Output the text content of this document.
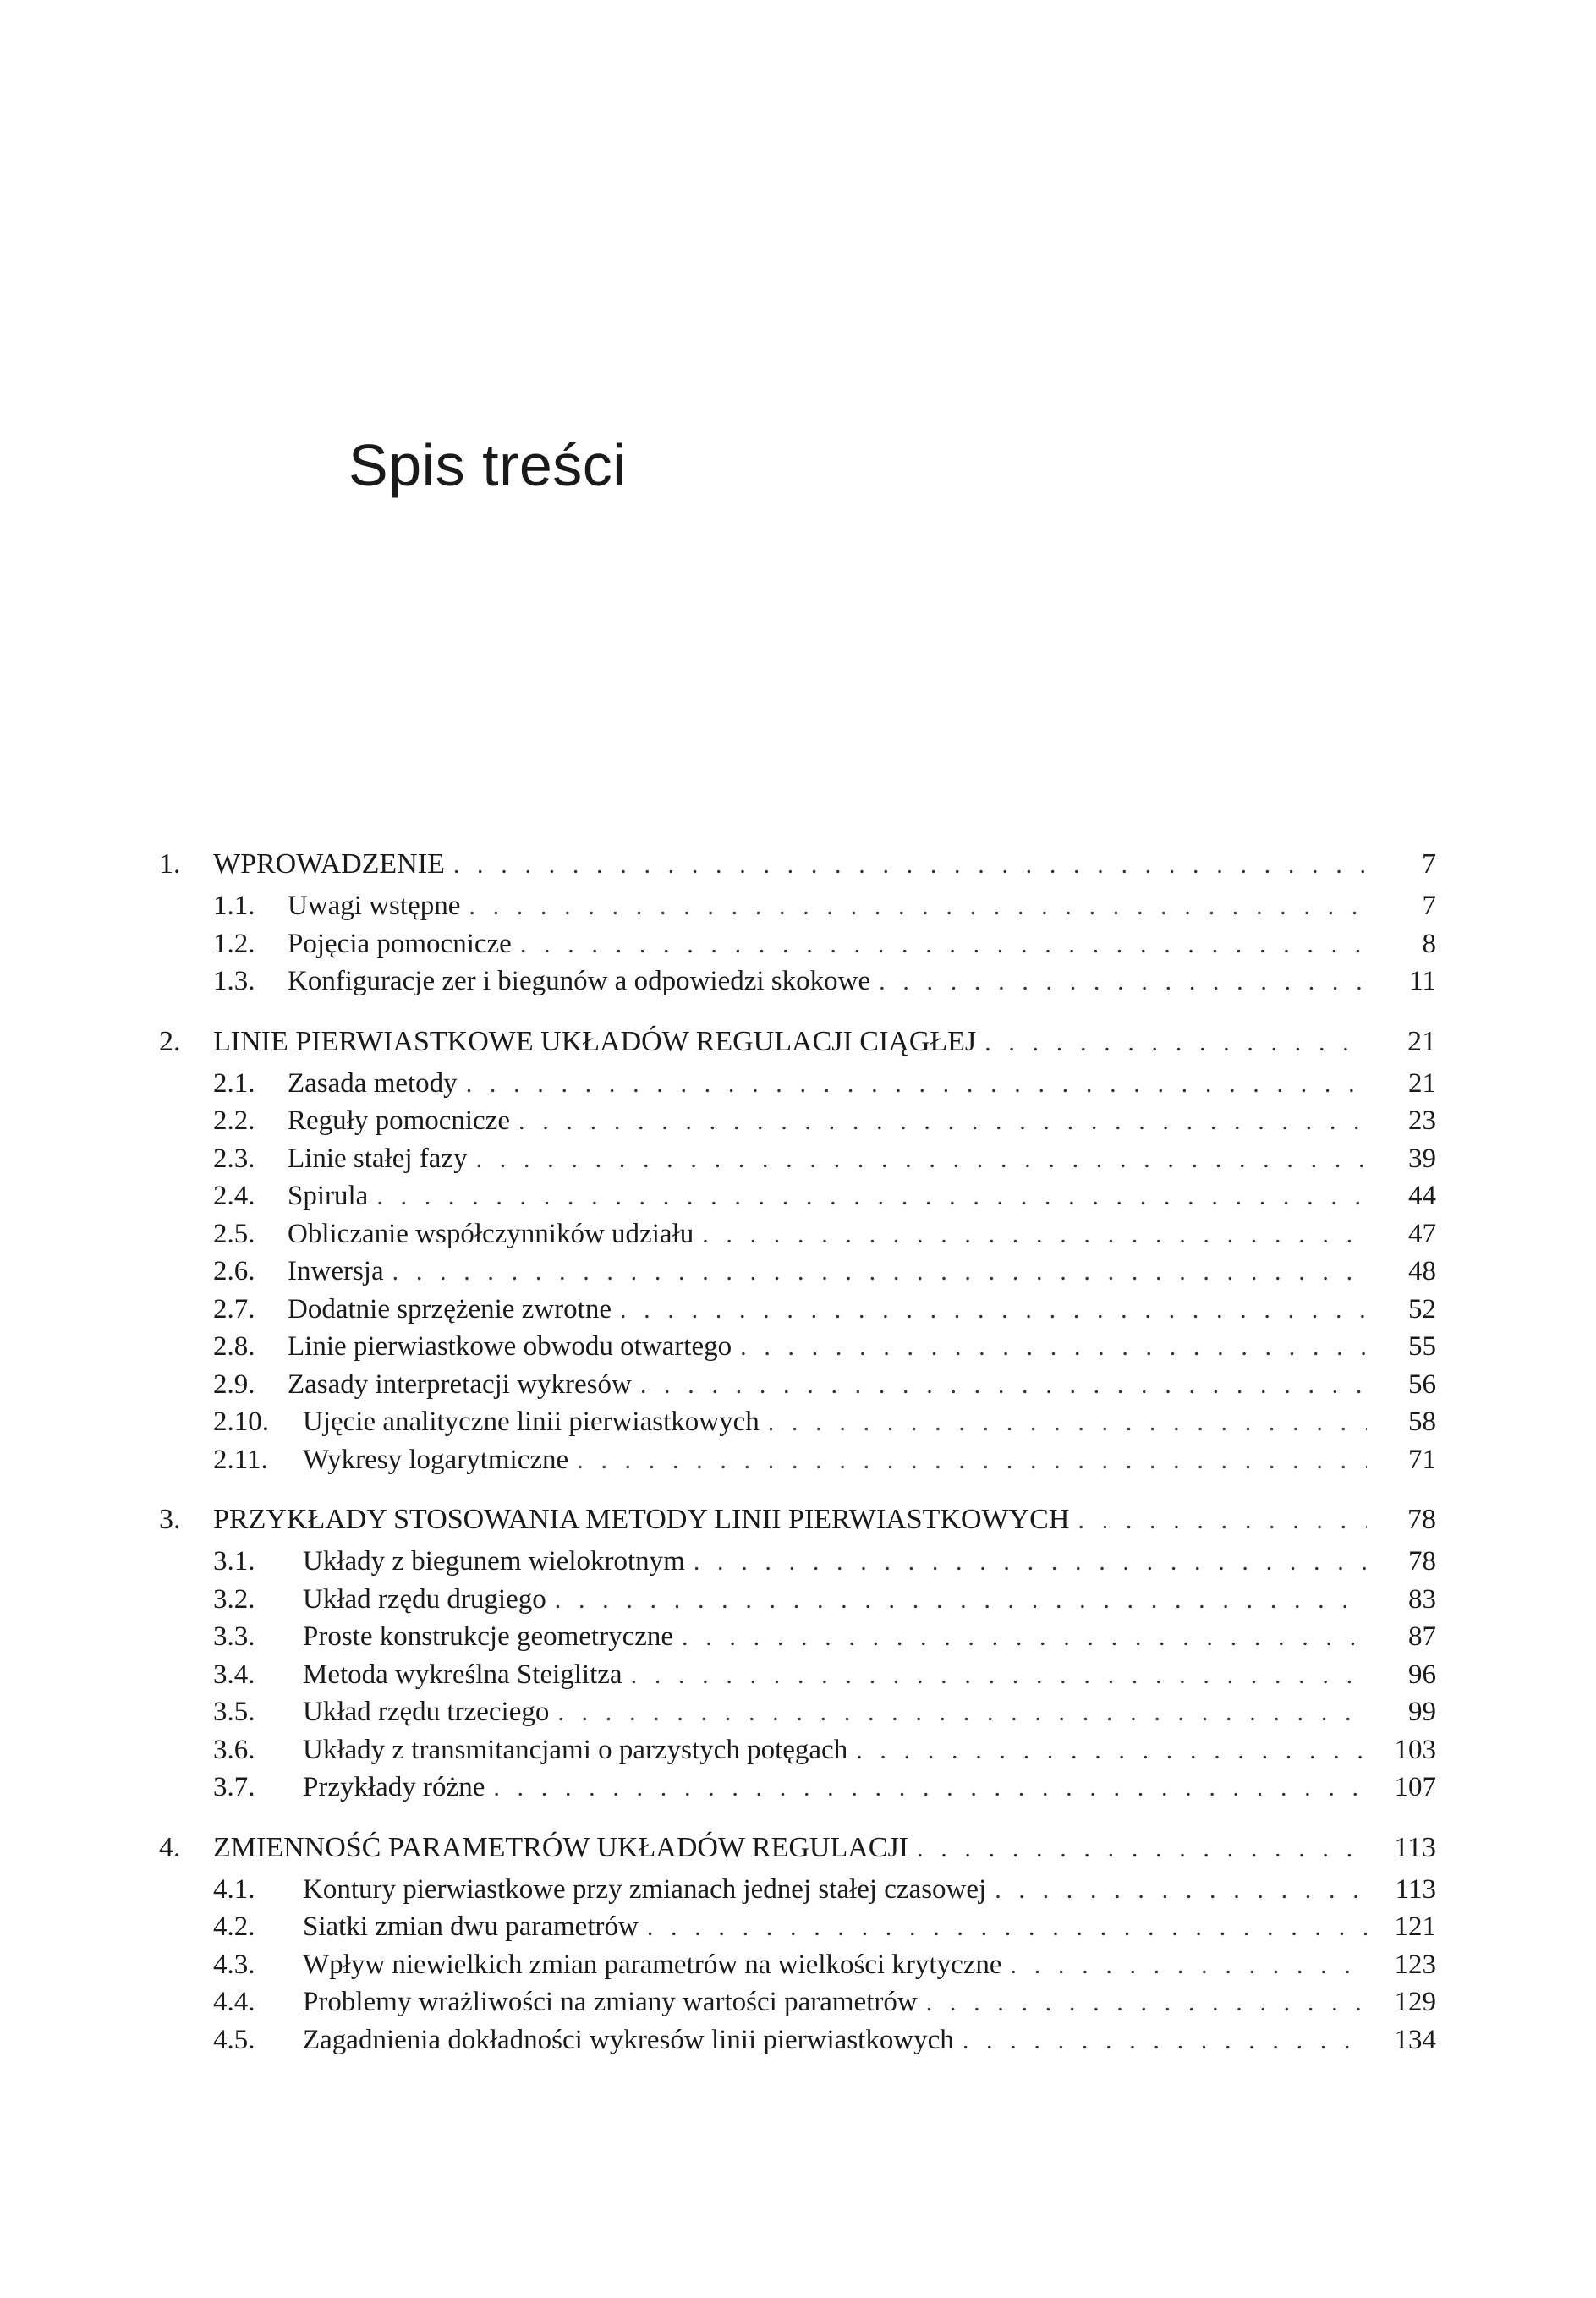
Spis treści
1.	WPROWADZENIE . . .	7
1.1.	Uwagi wstępne . . .	7
1.2.	Pojęcia pomocnicze . . .	8
1.3.	Konfiguracje zer i biegunów a odpowiedzi skokowe . . .	11
2.	LINIE PIERWIASTKOWE UKŁADÓW REGULACJI CIĄGŁEJ . . .	21
2.1.	Zasada metody . . .	21
2.2.	Reguły pomocnicze . . .	23
2.3.	Linie stałej fazy . . .	39
2.4.	Spirula . . .	44
2.5.	Obliczanie współczynników udziału . . .	47
2.6.	Inwersja . . .	48
2.7.	Dodatnie sprzężenie zwrotne . . .	52
2.8.	Linie pierwiastkowe obwodu otwartego . . .	55
2.9.	Zasady interpretacji wykresów . . .	56
2.10.	Ujęcie analityczne linii pierwiastkowych . . .	58
2.11.	Wykresy logarytmiczne . . .	71
3.	PRZYKŁADY STOSOWANIA METODY LINII PIERWIASTKOWYCH . . .	78
3.1.	Układy z biegunem wielokrotnym . . .	78
3.2.	Układ rzędu drugiego . . .	83
3.3.	Proste konstrukcje geometryczne . . .	87
3.4.	Metoda wykreślna Steiglitza . . .	96
3.5.	Układ rzędu trzeciego . . .	99
3.6.	Układy z transmitancjami o parzystych potęgach . . .	103
3.7.	Przykłady różne . . .	107
4.	ZMIENNOŚĆ PARAMETRÓW UKŁADÓW REGULACJI . . .	113
4.1.	Kontury pierwiastkowe przy zmianach jednej stałej czasowej . . .	113
4.2.	Siatki zmian dwu parametrów . . .	121
4.3.	Wpływ niewielkich zmian parametrów na wielkości krytyczne . . .	123
4.4.	Problemy wrażliwości na zmiany wartości parametrów . . .	129
4.5.	Zagadnienia dokładności wykresów linii pierwiastkowych . . .	134
